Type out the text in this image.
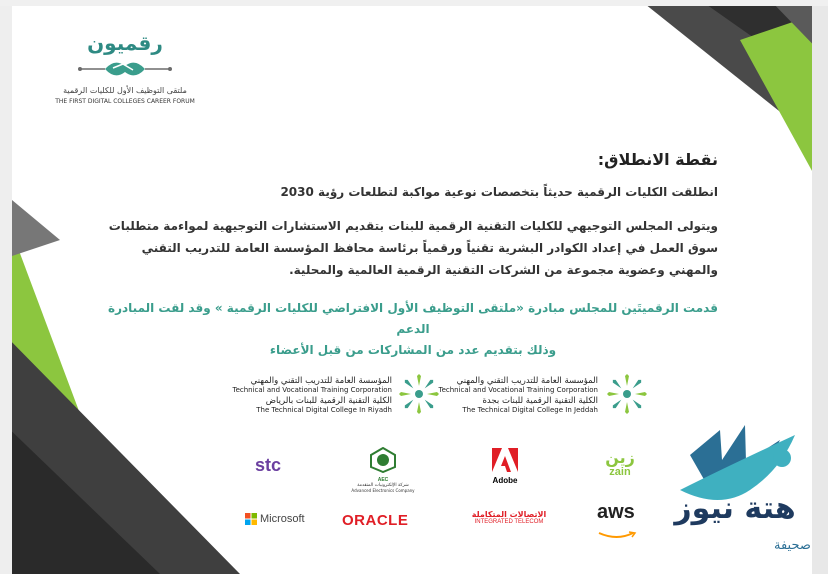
رقميون
ملتقى التوظيف الأول للكليات الرقمية
THE FIRST DIGITAL COLLEGES CAREER FORUM
نقطة الانطلاق:
انطلقت الكليات الرقمية حديثاً بتخصصات نوعية مواكبة لتطلعات رؤية 2030
ويتولى المجلس التوجيهي للكليات التقنية الرقمية للبنات بتقديم الاستشارات التوجيهية لمواءمة متطلبات سوق العمل في إعداد الكوادر البشرية تقنياً ورقمياً برئاسة محافظ المؤسسة العامة للتدريب التقني والمهني وعضوية مجموعة من الشركات التقنية الرقمية العالمية والمحلية.
قدمت الرقميتَين للمجلس مبادرة «ملتقى التوظيف الأول الافتراضي للكليات الرقمية » وقد لقت المبادرة الدعم
وذلك بتقديم عدد من المشاركات من قبل الأعضاء
المؤسسة العامة للتدريب التقني والمهني
Technical and Vocational Training Corporation
الكلية التقنية الرقمية للبنات بجدة
The Technical Digital College In Jeddah
المؤسسة العامة للتدريب التقني والمهني
Technical and Vocational Training Corporation
الكلية التقنية الرقمية للبنات بالرياض
The Technical Digital College In Riyadh
زين
zain
Adobe
AEC
شركة الإلكترونيات المتقدمة
Advanced Electronics Company
stc
aws
الاتصالات المتكاملة
INTEGRATED TELECOM
ORACLE
Microsoft	هتة نيوز
صحيفة
